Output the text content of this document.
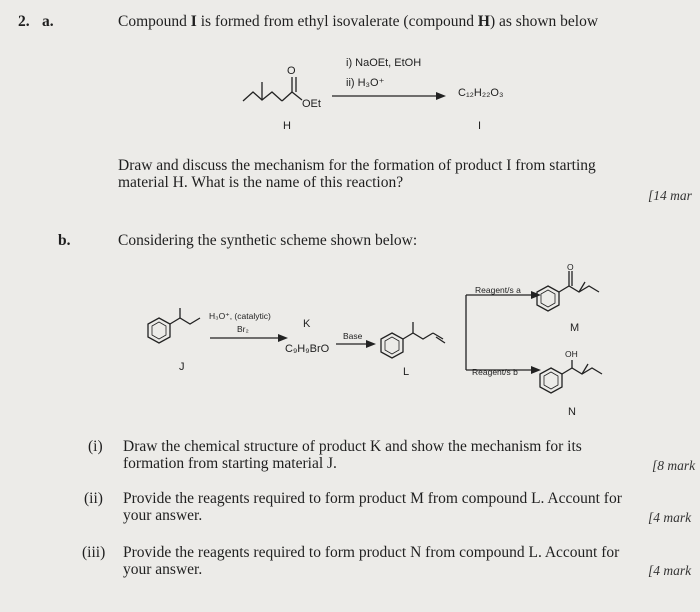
2. a.	Compound I is formed from ethyl isovalerate (compound H) as shown below
O
OEt
i) NaOEt, EtOH
ii) H₃O⁺
C₁₂H₂₂O₃
H	I
Draw and discuss the mechanism for the formation of product I from starting
material H. What is the name of this reaction?
[14 mar
b.	Considering the synthetic scheme shown below:
H₃O⁺, (catalytic)
Br₂	K
C₉H₉BrO
Base
J	L
Reagent/s a
Reagent/s b
M
N
OH
O
(i) Draw the chemical structure of product K and show the mechanism for its
formation from starting material J.	[8 mark
(ii) Provide the reagents required to form product M from compound L. Account for
your answer.	[4 mark
(iii) Provide the reagents required to form product N from compound L. Account for
your answer.	[4 mark
